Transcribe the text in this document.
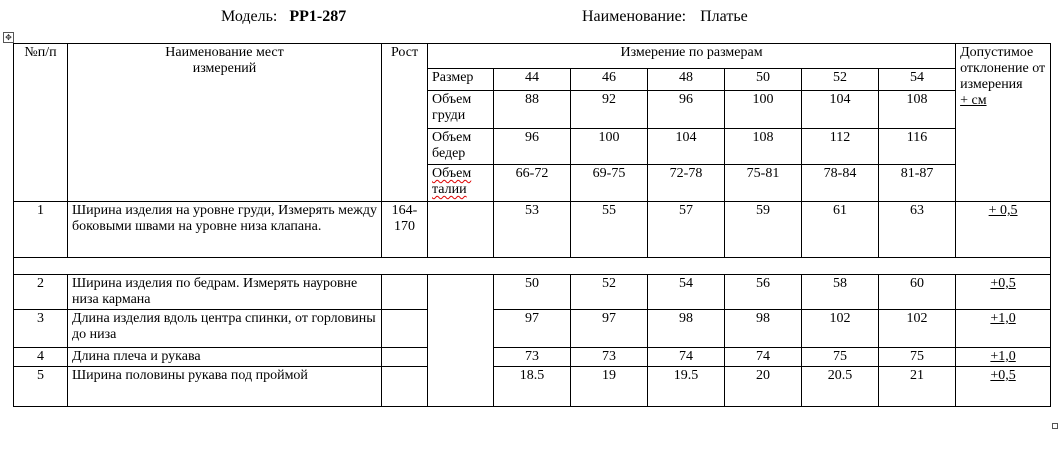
Модель: РР1-287	Наименование: Платье
✥
№п/п	Наименование мест измерений	Рост	Измерение по размерам							Допустимое отклонение от измерения
+ см

			Размер	44	46	48	50	52	54	
			Объем груди	88	92	96	100	104	108	
			Объем бедер	96	100	104	108	112	116	
			Объем талии	66-72	69-75	72-78	75-81	78-84	81-87	
1	Ширина изделия на уровне груди, Измерять между боковыми швами на уровне низа клапана.	164-170		53	55	57	59	61	63	+ 0,5

2	Ширина изделия по бедрам. Измерять науровне низа кармана			50	52	54	56	58	60	+0,5
3	Длина изделия вдоль центра спинки, от горловины до низа			97	97	98	98	102	102	+1,0
4	Длина плеча и рукава			73	73	74	74	75	75	+1,0
5	Ширина половины рукава под проймой			18.5	19	19.5	20	20.5	21	+0,5
